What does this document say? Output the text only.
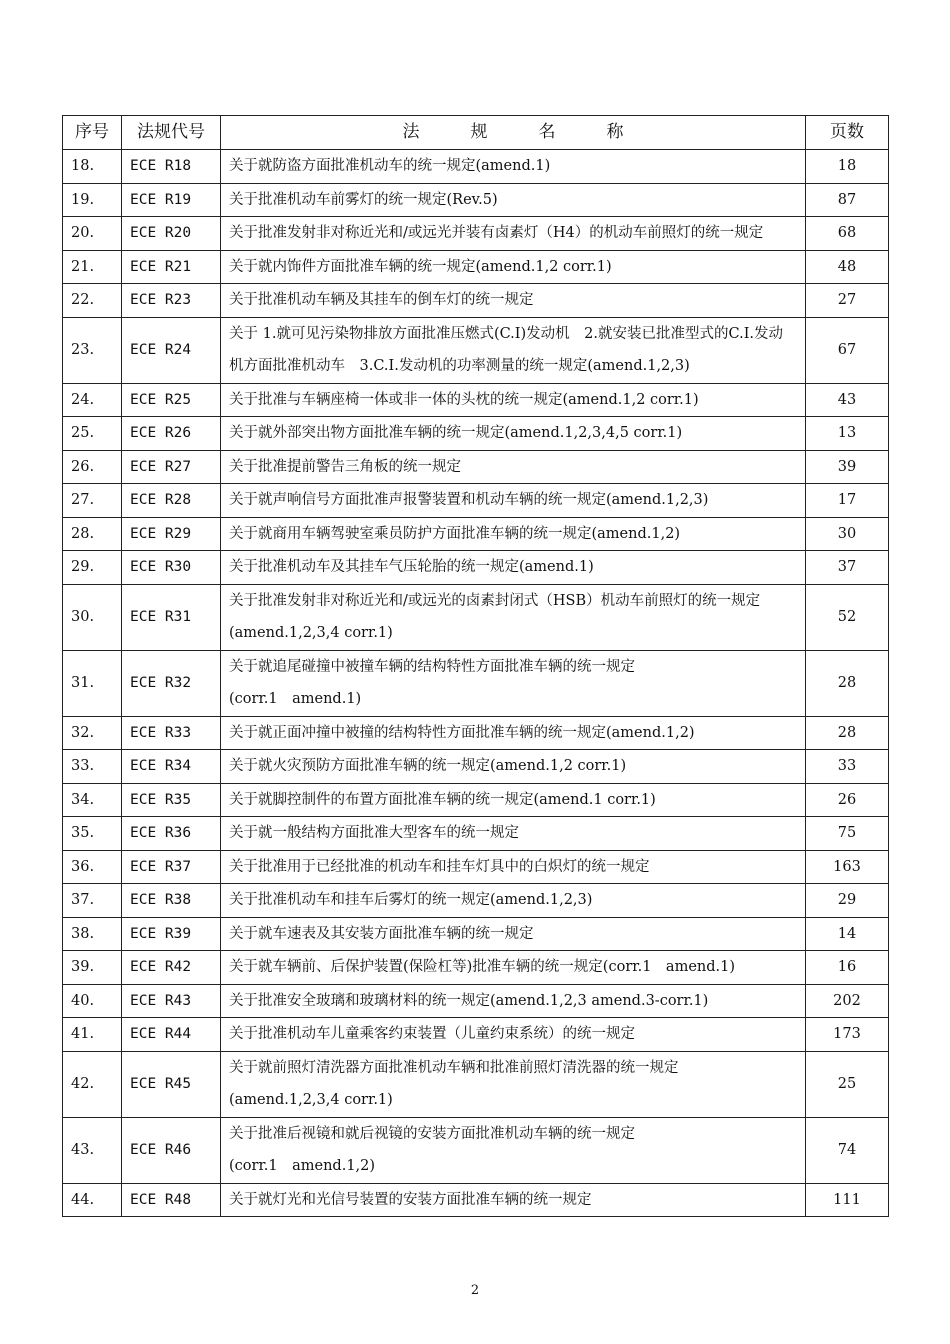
序号	法规代号	法　　　规　　　名　　　称	页数
18.	ECE R18	关于就防盗方面批准机动车的统一规定(amend.1)	18
19.	ECE R19	关于批准机动车前雾灯的统一规定(Rev.5)	87
20.	ECE R20	关于批准发射非对称近光和/或远光并装有卤素灯（H4）的机动车前照灯的统一规定	68
21.	ECE R21	关于就内饰件方面批准车辆的统一规定(amend.1,2 corr.1)	48
22.	ECE R23	关于批准机动车辆及其挂车的倒车灯的统一规定	27
23.	ECE R24	关于 1.就可见污染物排放方面批准压燃式(C.I)发动机　2.就安装已批准型式的C.I.发动机方面批准机动车　3.C.I.发动机的功率测量的统一规定(amend.1,2,3)	67
24.	ECE R25	关于批准与车辆座椅一体或非一体的头枕的统一规定(amend.1,2 corr.1)	43
25.	ECE R26	关于就外部突出物方面批准车辆的统一规定(amend.1,2,3,4,5 corr.1)	13
26.	ECE R27	关于批准提前警告三角板的统一规定	39
27.	ECE R28	关于就声响信号方面批准声报警装置和机动车辆的统一规定(amend.1,2,3)	17
28.	ECE R29	关于就商用车辆驾驶室乘员防护方面批准车辆的统一规定(amend.1,2)	30
29.	ECE R30	关于批准机动车及其挂车气压轮胎的统一规定(amend.1)	37
30.	ECE R31	关于批准发射非对称近光和/或远光的卤素封闭式（HSB）机动车前照灯的统一规定(amend.1,2,3,4 corr.1)	52
31.	ECE R32	关于就追尾碰撞中被撞车辆的结构特性方面批准车辆的统一规定
(corr.1　amend.1)	28
32.	ECE R33	关于就正面冲撞中被撞的结构特性方面批准车辆的统一规定(amend.1,2)	28
33.	ECE R34	关于就火灾预防方面批准车辆的统一规定(amend.1,2 corr.1)	33
34.	ECE R35	关于就脚控制件的布置方面批准车辆的统一规定(amend.1 corr.1)	26
35.	ECE R36	关于就一般结构方面批准大型客车的统一规定	75
36.	ECE R37	关于批准用于已经批准的机动车和挂车灯具中的白炽灯的统一规定	163
37.	ECE R38	关于批准机动车和挂车后雾灯的统一规定(amend.1,2,3)	29
38.	ECE R39	关于就车速表及其安装方面批准车辆的统一规定	14
39.	ECE R42	关于就车辆前、后保护装置(保险杠等)批准车辆的统一规定(corr.1　amend.1)	16
40.	ECE R43	关于批准安全玻璃和玻璃材料的统一规定(amend.1,2,3 amend.3-corr.1)	202
41.	ECE R44	关于批准机动车儿童乘客约束装置（儿童约束系统）的统一规定	173
42.	ECE R45	关于就前照灯清洗器方面批准机动车辆和批准前照灯清洗器的统一规定
(amend.1,2,3,4 corr.1)	25
43.	ECE R46	关于批准后视镜和就后视镜的安装方面批准机动车辆的统一规定
(corr.1　amend.1,2)	74
44.	ECE R48	关于就灯光和光信号装置的安装方面批准车辆的统一规定	111
2
